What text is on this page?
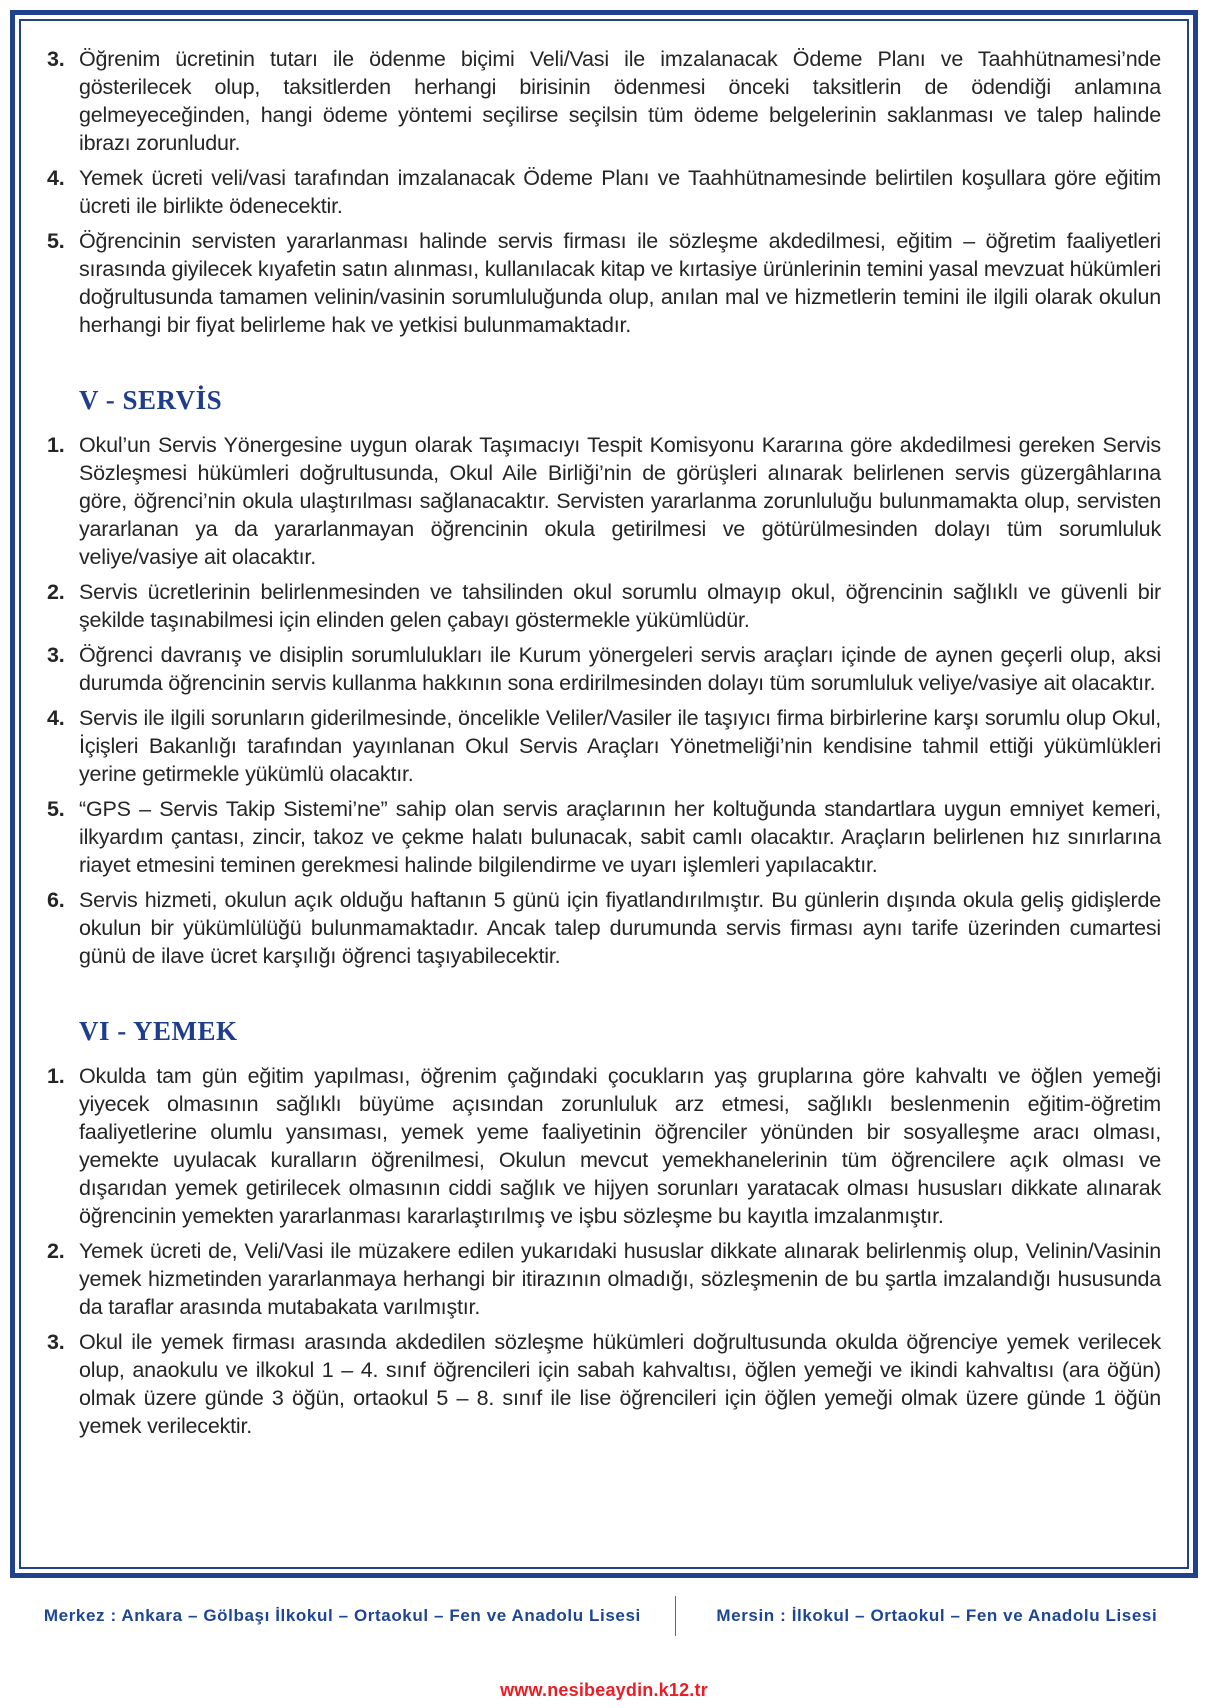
3. Öğrenim ücretinin tutarı ile ödenme biçimi Veli/Vasi ile imzalanacak Ödeme Planı ve Taahhütnamesi’nde gösterilecek olup, taksitlerden herhangi birisinin ödenmesi önceki taksitlerin de ödendiği anlamına gelmeyeceğinden, hangi ödeme yöntemi seçilirse seçilsin tüm ödeme belgelerinin saklanması ve talep halinde ibrazı zorunludur.
4. Yemek ücreti veli/vasi tarafından imzalanacak Ödeme Planı ve Taahhütnamesinde belirtilen koşullara göre eğitim ücreti ile birlikte ödenecektir.
5. Öğrencinin servisten yararlanması halinde servis firması ile sözleşme akdedilmesi, eğitim – öğretim faaliyetleri sırasında giyilecek kıyafetin satın alınması, kullanılacak kitap ve kırtasiye ürünlerinin temini yasal mevzuat hükümleri doğrultusunda tamamen velinin/vasinin sorumluluğunda olup, anılan mal ve hizmetlerin temini ile ilgili olarak okulun herhangi bir fiyat belirleme hak ve yetkisi bulunmamaktadır.
V - SERVİS
1. Okul’un Servis Yönergesine uygun olarak Taşımacıyı Tespit Komisyonu Kararına göre akdedilmesi gereken Servis Sözleşmesi hükümleri doğrultusunda, Okul Aile Birliği’nin de görüşleri alınarak belirlenen servis güzergâhlarına göre, öğrenci’nin okula ulaştırılması sağlanacaktır. Servisten yararlanma zorunluluğu bulunmamakta olup, servisten yararlanan ya da yararlanmayan öğrencinin okula getirilmesi ve götürülmesinden dolayı tüm sorumluluk veliye/vasiye ait olacaktır.
2. Servis ücretlerinin belirlenmesinden ve tahsilinden okul sorumlu olmayıp okul, öğrencinin sağlıklı ve güvenli bir şekilde taşınabilmesi için elinden gelen çabayı göstermekle yükümlüdür.
3. Öğrenci davranış ve disiplin sorumlulukları ile Kurum yönergeleri servis araçları içinde de aynen geçerli olup, aksi durumda öğrencinin servis kullanma hakkının sona erdirilmesinden dolayı tüm sorumluluk veliye/vasiye ait olacaktır.
4. Servis ile ilgili sorunların giderilmesinde, öncelikle Veliler/Vasiler ile taşıyıcı firma birbirlerine karşı sorumlu olup Okul, İçişleri Bakanlığı tarafından yayınlanan Okul Servis Araçları Yönetmeliği’nin kendisine tahmil ettiği yükümlükleri yerine getirmekle yükümlü olacaktır.
5. “GPS – Servis Takip Sistemi’ne” sahip olan servis araçlarının her koltuğunda standartlara uygun emniyet kemeri, ilkyardım çantası, zincir, takoz ve çekme halatı bulunacak, sabit camlı olacaktır. Araçların belirlenen hız sınırlarına riayet etmesini teminen gerekmesi halinde bilgilendirme ve uyarı işlemleri yapılacaktır.
6. Servis hizmeti, okulun açık olduğu haftanın 5 günü için fiyatlandırılmıştır. Bu günlerin dışında okula geliş gidişlerde okulun bir yükümlülüğü bulunmamaktadır. Ancak talep durumunda servis firması aynı tarife üzerinden cumartesi günü de ilave ücret karşılığı öğrenci taşıyabilecektir.
VI - YEMEK
1. Okulda tam gün eğitim yapılması, öğrenim çağındaki çocukların yaş gruplarına göre kahvaltı ve öğlen yemeği yiyecek olmasının sağlıklı büyüme açısından zorunluluk arz etmesi, sağlıklı beslenmenin eğitim-öğretim faaliyetlerine olumlu yansıması, yemek yeme faaliyetinin öğrenciler yönünden bir sosyalleşme aracı olması, yemekte uyulacak kuralların öğrenilmesi, Okulun mevcut yemekhanelerinin tüm öğrencilere açık olması ve dışarıdan yemek getirilecek olmasının ciddi sağlık ve hijyen sorunları yaratacak olması hususları dikkate alınarak öğrencinin yemekten yararlanması kararlaştırılmış ve işbu sözleşme bu kayıtla imzalanmıştır.
2. Yemek ücreti de, Veli/Vasi ile müzakere edilen yukarıdaki hususlar dikkate alınarak belirlenmiş olup, Velinin/Vasinin yemek hizmetinden yararlanmaya herhangi bir itirazının olmadığı, sözleşmenin de bu şartla imzalandığı hususunda da taraflar arasında mutabakata varılmıştır.
3. Okul ile yemek firması arasında akdedilen sözleşme hükümleri doğrultusunda okulda öğrenciye yemek verilecek olup, anaokulu ve ilkokul 1 – 4. sınıf öğrencileri için sabah kahvaltısı, öğlen yemeği ve ikindi kahvaltısı (ara öğün) olmak üzere günde 3 öğün, ortaokul 5 – 8. sınıf ile lise öğrencileri için öğlen yemeği olmak üzere günde 1 öğün yemek verilecektir.
Merkez : Ankara – Gölbaşı İlkokul – Ortaokul – Fen ve Anadolu Lisesi	Mersin : İlkokul – Ortaokul – Fen ve Anadolu Lisesi
www.nesibeaydin.k12.tr
